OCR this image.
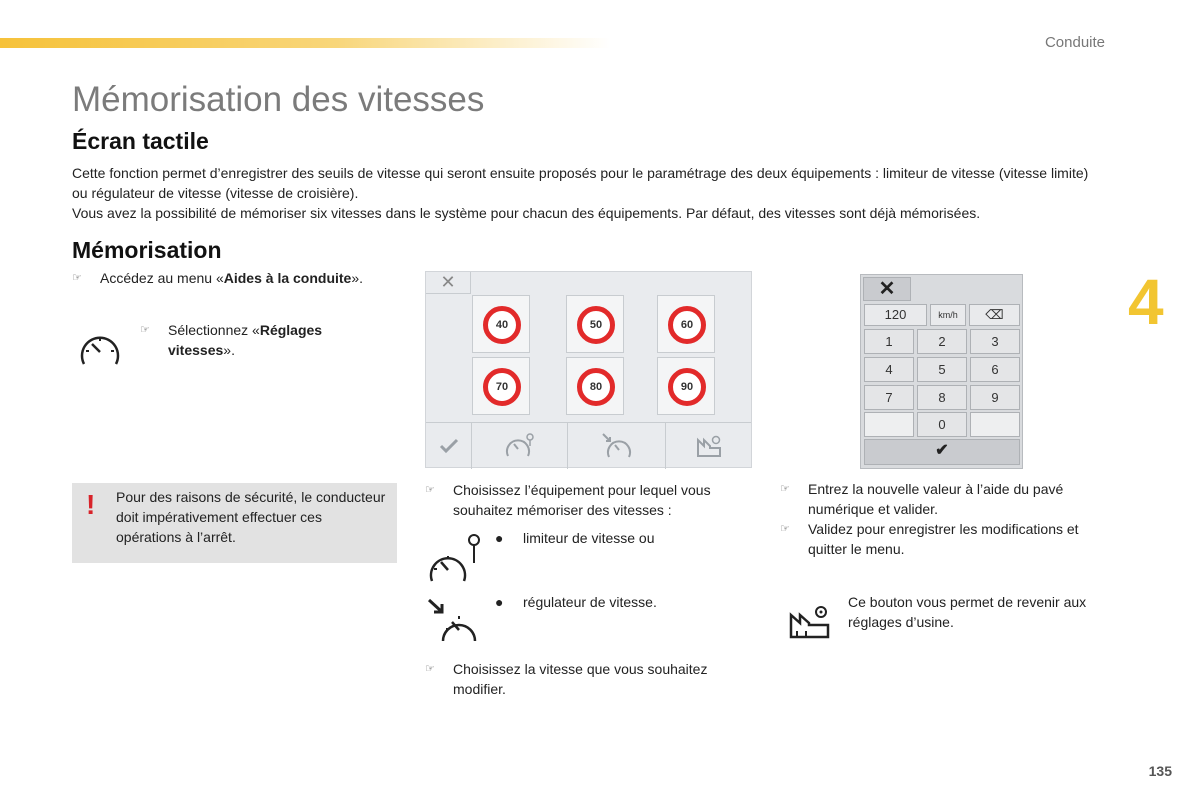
Conduite
4
135
Mémorisation des vitesses
Écran tactile

Cette fonction permet d’enregistrer des seuils de vitesse qui seront ensuite proposés pour le paramétrage des deux équipements : limiteur de vitesse (vitesse limite) ou régulateur de vitesse (vitesse de croisière).

Vous avez la possibilité de mémoriser six vitesses dans le système pour chacun des équipements. Par défaut, des vitesses sont déjà mémorisées.

Mémorisation
☞ Accédez au menu «Aides à la conduite».
☞ Sélectionnez «Réglages vitesses».
! Pour des raisons de sécurité, le conducteur doit impérativement effectuer ces opérations à l’arrêt.
✕
40	50	60
70	80	90
☞ Choisissez l’équipement pour lequel vous souhaitez mémoriser des vitesses :
● limiteur de vitesse ou
● régulateur de vitesse.
☞ Choisissez la vitesse que vous souhaitez modifier.
✕
120	km/h	⌫
1	2	3
4	5	6
7	8	9
0
✔
☞ Entrez la nouvelle valeur à l’aide du pavé numérique et valider.
☞ Validez pour enregistrer les modifications et quitter le menu.
Ce bouton vous permet de revenir aux réglages d’usine.
